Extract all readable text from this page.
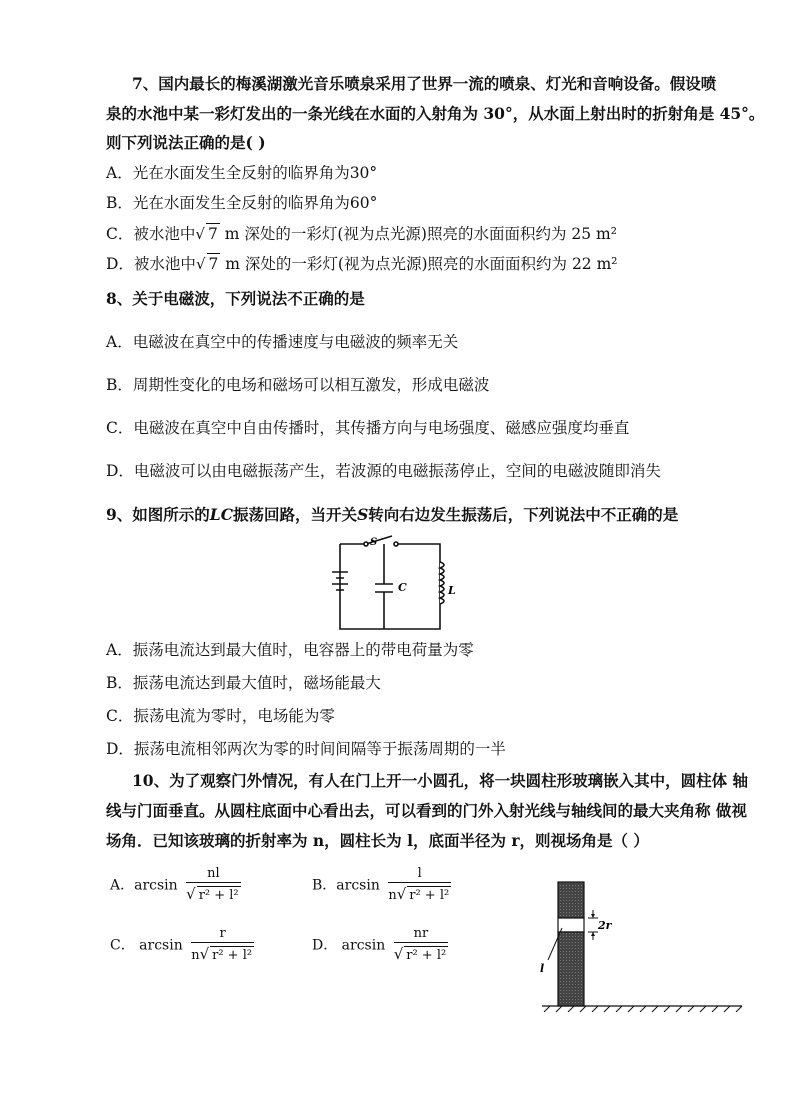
7、国内最长的梅溪湖激光音乐喷泉采用了世界一流的喷泉、灯光和音响设备。假设喷
泉的水池中某一彩灯发出的一条光线在水面的入射角为 30°，从水面上射出时的折射角是 45°。
则下列说法正确的是( )
A．光在水面发生全反射的临界角为30°
B．光在水面发生全反射的临界角为60°
C．被水池中√ 7 m 深处的一彩灯(视为点光源)照亮的水面面积约为 25 m²
D．被水池中√ 7 m 深处的一彩灯(视为点光源)照亮的水面面积约为 22 m²
8、关于电磁波，下列说法不正确的是
A．电磁波在真空中的传播速度与电磁波的频率无关
B．周期性变化的电场和磁场可以相互激发，形成电磁波
C．电磁波在真空中自由传播时，其传播方向与电场强度、磁感应强度均垂直
D．电磁波可以由电磁振荡产生，若波源的电磁振荡停止，空间的电磁波随即消失
9、如图所示的LC振荡回路，当开关S转向右边发生振荡后，下列说法中不正确的是
S
C	L
A．振荡电流达到最大值时，电容器上的带电荷量为零
B．振荡电流达到最大值时，磁场能最大
C．振荡电流为零时，电场能为零
D．振荡电流相邻两次为零的时间间隔等于振荡周期的一半
10、为了观察门外情况，有人在门上开一小圆孔，将一块圆柱形玻璃嵌入其中，圆柱体 轴
线与门面垂直。从圆柱底面中心看出去，可以看到的门外入射光线与轴线间的最大夹角称 做视
场角．已知该玻璃的折射率为 n，圆柱长为 l，底面半径为 r，则视场角是（ ）
A．$\arcsin \frac{nl}{\text{√ r² + l²}}$	B．$\arcsin \frac{l}{\text{n√ r² + l²}}$
C． $\arcsin \frac{r}{\text{n√ r² + l²}}$	D． $\arcsin \frac{nr}{\text{√ r² + l²}}$
2r
l
